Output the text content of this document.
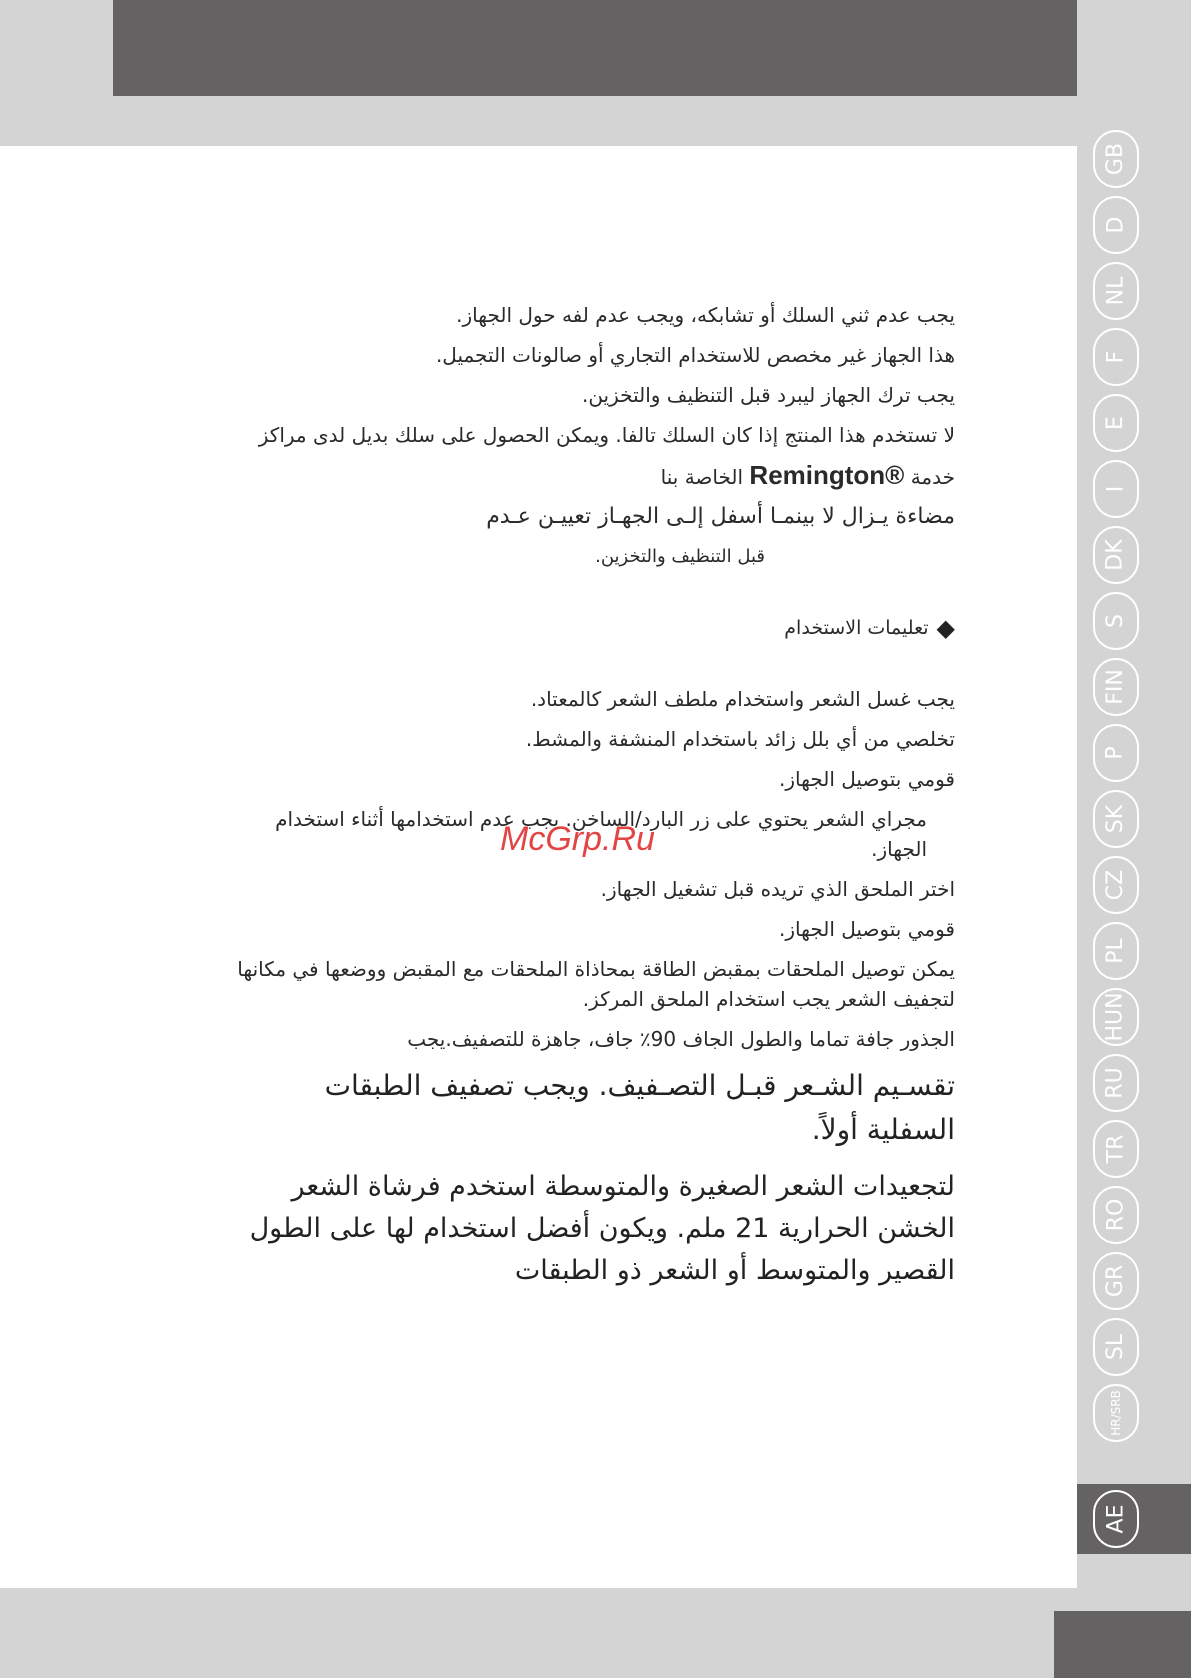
GB
D
NL
F
E
I
DK
S
FIN
P
SK
CZ
PL
HUN
RU
TR
RO
GR
SL
HR/SRB
AE

يجب عدم ثني السلك أو تشابكه، ويجب عدم لفه حول الجهاز.

هذا الجهاز غير مخصص للاستخدام التجاري أو صالونات التجميل.

يجب ترك الجهاز ليبرد قبل التنظيف والتخزين.

لا تستخدم هذا المنتج إذا كان السلك تالفا. ويمكن الحصول على سلك بديل لدى مراكز

خدمة Remington® الخاصة بنا

مضاءة يـزال لا بينمـا أسفل إلـى الجهـاز تعييـن عـدم

قبل التنظيف والتخزين.

◆
تعليمات الاستخدام

يجب غسل الشعر واستخدام ملطف الشعر كالمعتاد.

تخلصي من أي بلل زائد باستخدام المنشفة والمشط.

قومي بتوصيل الجهاز.

مجراي الشعر يحتوي على زر البارد/الساخن. يجب عدم استخدامها أثناء استخدام الجهاز.

اختر الملحق الذي تريده قبل تشغيل الجهاز.

قومي بتوصيل الجهاز.

يمكن توصيل الملحقات بمقبض الطاقة بمحاذاة الملحقات مع المقبض ووضعها في مكانها لتجفيف الشعر يجب استخدام الملحق المركز.

الجذور جافة تماما والطول الجاف 90٪ جاف، جاهزة للتصفيف.يجب

تقسـيم الشـعر قبـل التصـفيف. ويجب تصفيف الطبقات السفلية أولاً.

لتجعيدات الشعر الصغيرة والمتوسطة استخدم فرشاة الشعر الخشن الحرارية 21 ملم. ويكون أفضل استخدام لها على الطول القصير والمتوسط أو الشعر ذو الطبقات

McGrp.Ru
